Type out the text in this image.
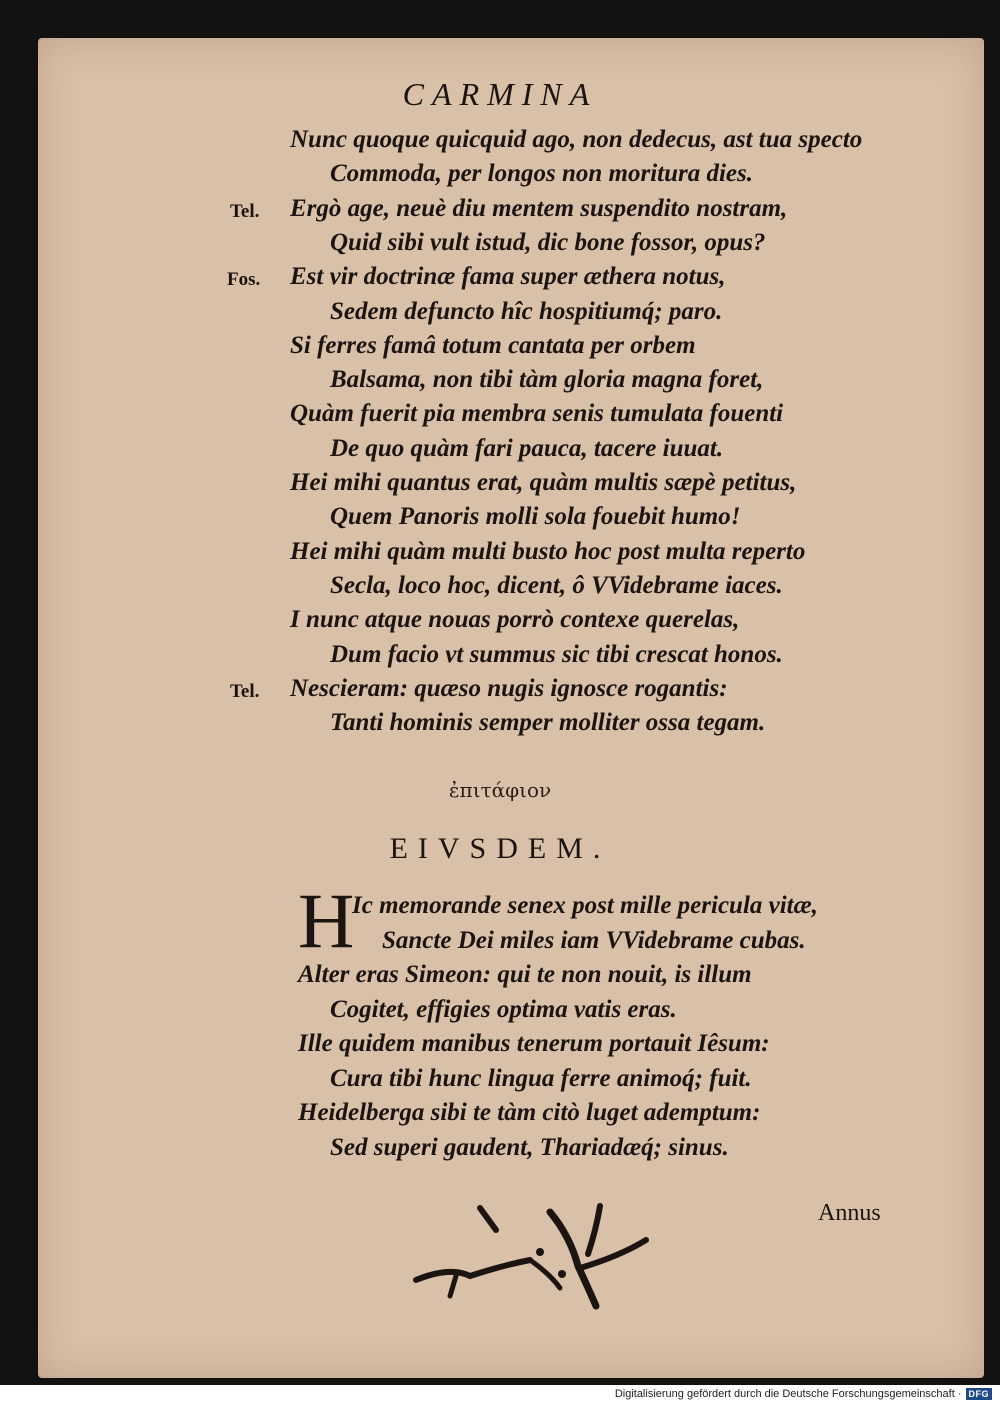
CARMINA
Nunc quoque quicquid ago, non dedecus, ast tua specto
Commoda, per longos non moritura dies.
Ergò age, neuè diu mentem suspendito nostram,
Tel.
Quid sibi vult istud, dic bone fossor, opus?
Est vir doctrinæ fama super æthera notus,
Fos.
Sedem defuncto hîc hospitiumq́; paro.
Si ferres famâ totum cantata per orbem
Balsama, non tibi tàm gloria magna foret,
Quàm fuerit pia membra senis tumulata fouenti
De quo quàm fari pauca, tacere iuuat.
Hei mihi quantus erat, quàm multis sæpè petitus,
Quem Panoris molli sola fouebit humo!
Hei mihi quàm multi busto hoc post multa reperto
Secla, loco hoc, dicent, ô VVidebrame iaces.
I nunc atque nouas porrò contexe querelas,
Dum facio vt summus sic tibi crescat honos.
Nescieram: quæso nugis ignosce rogantis:
Tel.
Tanti hominis semper molliter ossa tegam.
ἐπιτάφιον
EIVSDEM.
H
Ic memorande senex post mille pericula vitæ,
Sancte Dei miles iam VVidebrame cubas.
Alter eras Simeon: qui te non nouit, is illum
Cogitet, effigies optima vatis eras.
Ille quidem manibus tenerum portauit Iêsum:
Cura tibi hunc lingua ferre animoq́; fuit.
Heidelberga sibi te tàm citò luget ademptum:
Sed superi gaudent, Thariadæq́; sinus.
Annus
Digitalisierung gefördert durch die Deutsche Forschungsgemeinschaft · DFG
